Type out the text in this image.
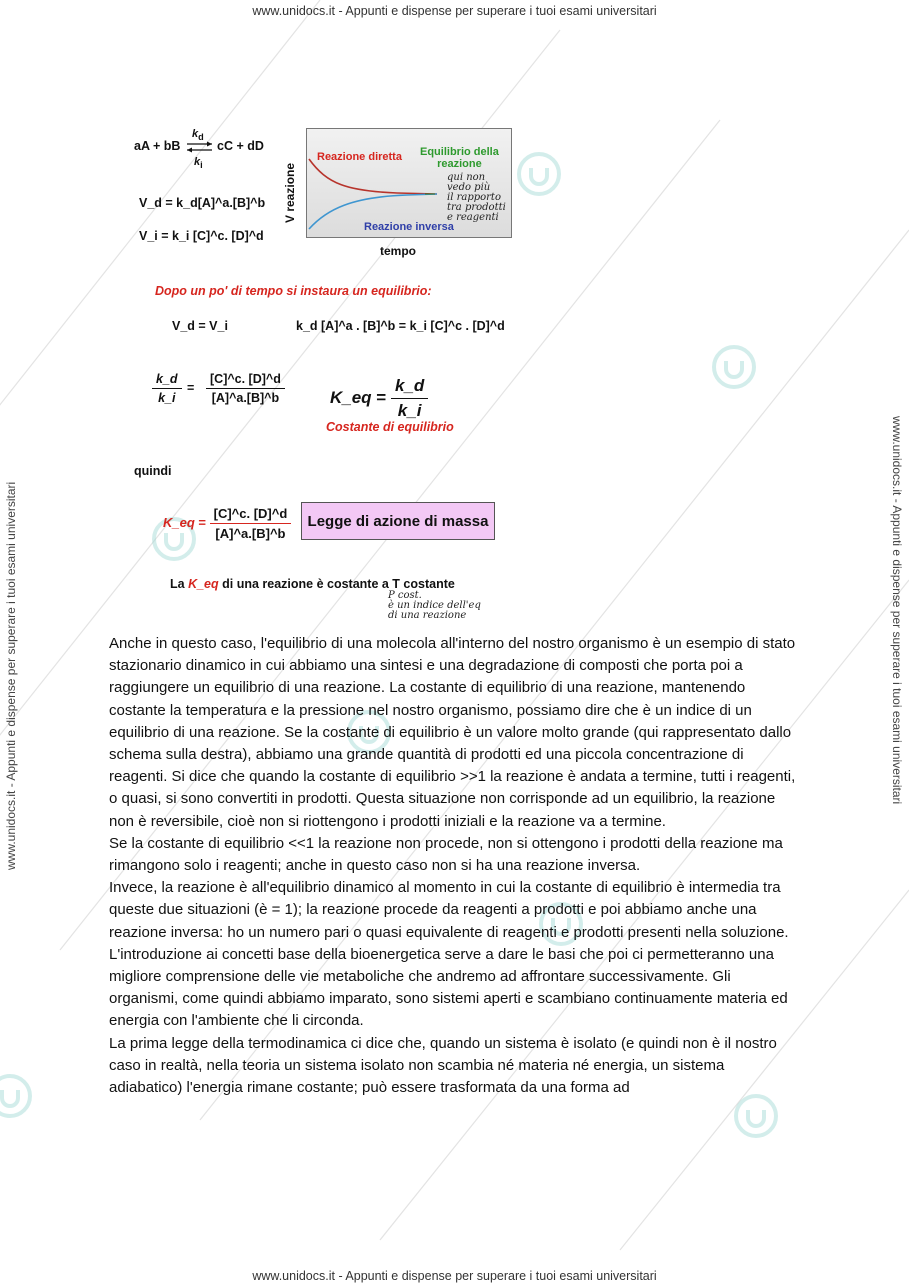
www.unidocs.it - Appunti e dispense per superare i tuoi esami universitari
www.unidocs.it - Appunti e dispense per superare i tuoi esami universitari
www.unidocs.it - Appunti e dispense per superare i tuoi esami universitari	www.unidocs.it - Appunti e dispense per superare i tuoi esami universitari
aA + bB
$k_d$
$k_i$
cC + dD
V_d = k_d[A]^a.[B]^b
V_i = k_i [C]^c. [D]^d
V reazione
Reazione diretta Equilibrio della
reazione
Reazione inversa
qui non
vedo più
il rapporto
tra prodotti
e reagenti
tempo
Dopo un po' di tempo si instaura un equilibrio:
V_d = V_i	k_d [A]^a . [B]^b = k_i [C]^c . [D]^d
$\frac{k\_d}{k\_i} = \frac{[C]\^{}c. [D]\^{}d}{[A]\^{}a.[B]\^{}b}$	K_eq = $\frac{k\_d}{k\_i}$
Costante di equilibrio
quindi
K_eq = $\frac{[C]\^{}c. [D]\^{}d}{[A]\^{}a.[B]\^{}b}$	Legge di azione di massa
La K_eq di una reazione è costante a T costante
P cost.
è un indice dell'eq
di una reazione

Anche in questo caso, l'equilibrio di una molecola all'interno del nostro organismo è un esempio di stato stazionario dinamico in cui abbiamo una sintesi e una degradazione di composti che porta poi a raggiungere un equilibrio di una reazione. La costante di equilibrio di una reazione, mantenendo costante la temperatura e la pressione nel nostro organismo, possiamo dire che è un indice di un equilibrio di una reazione. Se la costante di equilibrio è un valore molto grande (qui rappresentato dallo schema sulla destra), abbiamo una grande quantità di prodotti ed una piccola concentrazione di reagenti. Si dice che quando la costante di equilibrio >>1 la reazione è andata a termine, tutti i reagenti, o quasi, si sono convertiti in prodotti. Questa situazione non corrisponde ad un equilibrio, la reazione non è reversibile, cioè non si riottengono i prodotti iniziali e la reazione va a termine.

Se la costante di equilibrio <<1 la reazione non procede, non si ottengono i prodotti della reazione ma rimangono solo i reagenti; anche in questo caso non si ha una reazione inversa.

Invece, la reazione è all'equilibrio dinamico al momento in cui la costante di equilibrio è intermedia tra queste due situazioni (è = 1); la reazione procede da reagenti a prodotti e poi abbiamo anche una reazione inversa: ho un numero pari o quasi equivalente di reagenti e prodotti presenti nella soluzione.

L'introduzione ai concetti base della bioenergetica serve a dare le basi che poi ci permetteranno una migliore comprensione delle vie metaboliche che andremo ad affrontare successivamente. Gli organismi, come quindi abbiamo imparato, sono sistemi aperti e scambiano continuamente materia ed energia con l'ambiente che li circonda.

La prima legge della termodinamica ci dice che, quando un sistema è isolato (e quindi non è il nostro caso in realtà, nella teoria un sistema isolato non scambia né materia né energia, un sistema adiabatico) l'energia rimane costante; può essere trasformata da una forma ad
